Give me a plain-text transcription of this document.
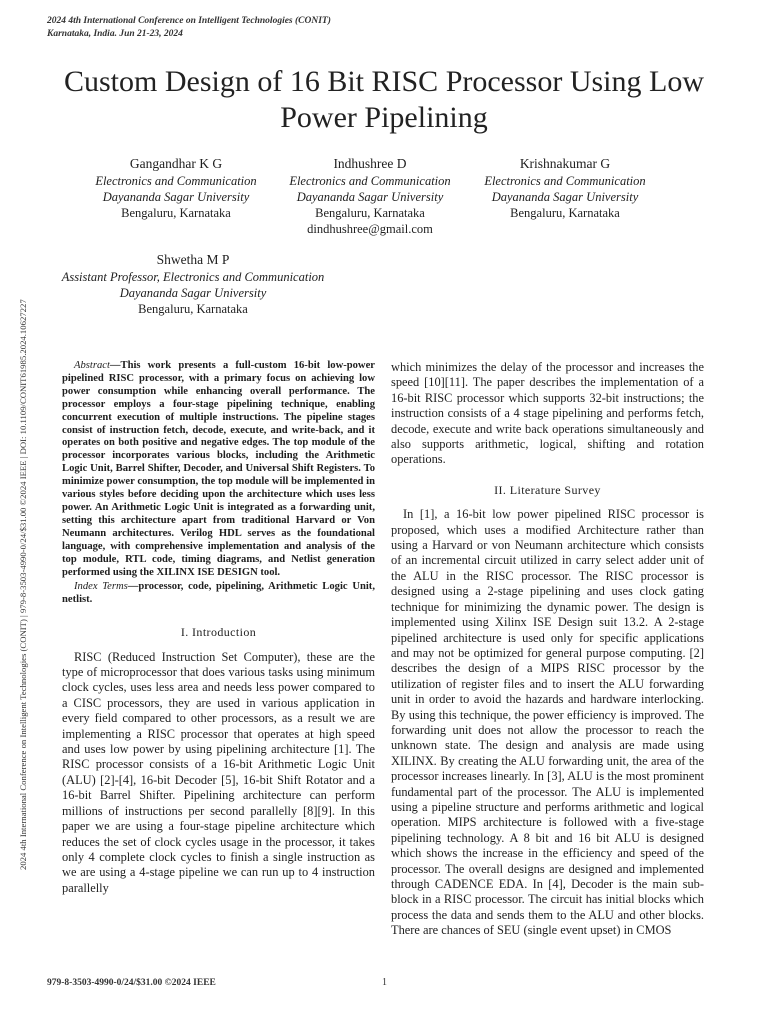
2024 4th International Conference on Intelligent Technologies (CONIT)
Karnataka, India. Jun 21-23, 2024
Custom Design of 16 Bit RISC Processor Using Low Power Pipelining
Gangandhar K G
Electronics and Communication
Dayananda Sagar University
Bengaluru, Karnataka
Indhushree D
Electronics and Communication
Dayananda Sagar University
Bengaluru, Karnataka
dindhushree@gmail.com
Krishnakumar G
Electronics and Communication
Dayananda Sagar University
Bengaluru, Karnataka
Shwetha M P
Assistant Professor, Electronics and Communication
Dayananda Sagar University
Bengaluru, Karnataka

Abstract—This work presents a full-custom 16-bit low-power pipelined RISC processor, with a primary focus on achieving low power consumption while enhancing overall performance. The processor employs a four-stage pipelining technique, enabling concurrent execution of multiple instructions. The pipeline stages consist of instruction fetch, decode, execute, and write-back, and it operates on both positive and negative edges. The top module of the processor incorporates various blocks, including the Arithmetic Logic Unit, Barrel Shifter, Decoder, and Universal Shift Registers. To minimize power consumption, the top module will be implemented in various styles before deciding upon the architecture which uses less power. An Arithmetic Logic Unit is integrated as a forwarding unit, setting this architecture apart from traditional Harvard or Von Neumann architectures. Verilog HDL serves as the foundational language, with comprehensive implementation and analysis of the top module, RTL code, timing diagrams, and Netlist generation performed using the XILINX ISE DESIGN tool.

Index Terms—processor, code, pipelining, Arithmetic Logic Unit, netlist.

I. Introduction

RISC (Reduced Instruction Set Computer), these are the type of microprocessor that does various tasks using minimum clock cycles, uses less area and needs less power compared to a CISC processors, they are used in various application in every field compared to other processors, as a result we are implementing a RISC processor that operates at high speed and uses low power by using pipelining architecture [1]. The RISC processor consists of a 16-bit Arithmetic Logic Unit (ALU) [2]-[4], 16-bit Decoder [5], 16-bit Shift Rotator and a 16-bit Barrel Shifter. Pipelining architecture can perform millions of instructions per second parallelly [8][9]. In this paper we are using a four-stage pipeline architecture which reduces the set of clock cycles usage in the processor, it takes only 4 complete clock cycles to finish a single instruction as we are using a 4-stage pipeline we can run up to 4 instruction parallelly

which minimizes the delay of the processor and increases the speed [10][11]. The paper describes the implementation of a 16-bit RISC processor which supports 32-bit instructions; the instruction consists of a 4 stage pipelining and performs fetch, decode, execute and write back operations simultaneously and also supports arithmetic, logical, shifting and rotation operations.

II. Literature Survey

In [1], a 16-bit low power pipelined RISC processor is proposed, which uses a modified Architecture rather than using a Harvard or von Neumann architecture which consists of an incremental circuit utilized in carry select adder unit of the ALU in the RISC processor. The RISC processor is designed using a 2-stage pipelining and uses clock gating technique for minimizing the dynamic power. The design is implemented using Xilinx ISE Design suit 13.2. A 2-stage pipelined architecture is used only for specific applications and may not be optimized for general purpose computing. [2] describes the design of a MIPS RISC processor by the utilization of register files and to insert the ALU forwarding unit in order to avoid the hazards and hardware interlocking. By using this technique, the power efficiency is improved. The forwarding unit does not allow the processor to reach the unknown state. The design and analysis are made using XILINX. By creating the ALU forwarding unit, the area of the processor increases linearly. In [3], ALU is the most prominent fundamental part of the processor. The ALU is implemented using a pipeline structure and performs arithmetic and logical operation. MIPS architecture is followed with a five-stage pipelining technology. A 8 bit and 16 bit ALU is designed which shows the increase in the efficiency and speed of the processor. The overall designs are designed and implemented through CADENCE EDA. In [4], Decoder is the main sub-block in a RISC processor. The circuit has initial blocks which process the data and sends them to the ALU and other blocks. There are chances of SEU (single event upset) in CMOS

2024 4th International Conference on Intelligent Technologies (CONIT) | 979-8-3503-4990-0/24/$31.00 ©2024 IEEE | DOI: 10.1109/CONIT61985.2024.10627227
979-8-3503-4990-0/24/$31.00 ©2024 IEEE	1
